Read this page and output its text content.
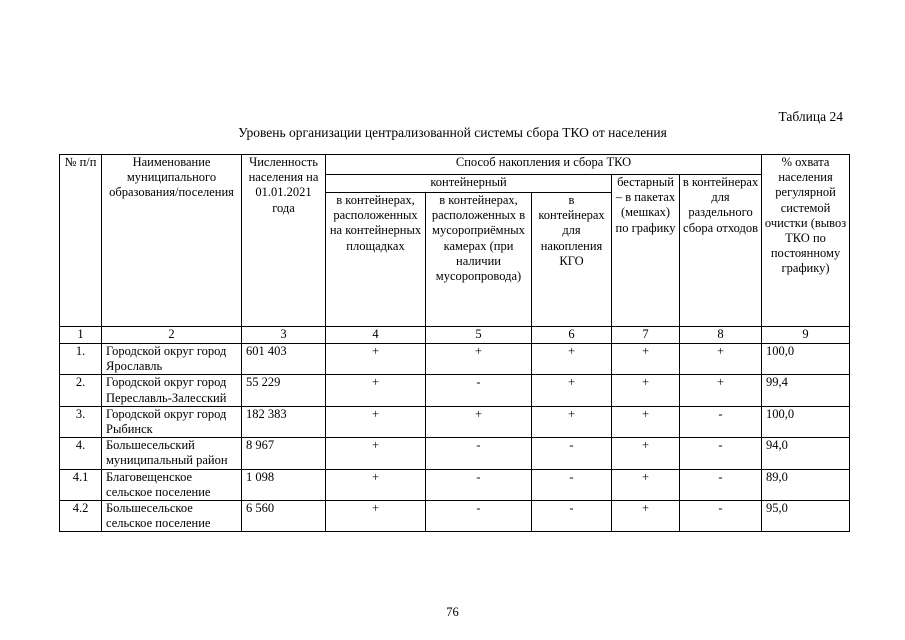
Таблица 24
Уровень организации централизованной системы сбора ТКО от населения
№ п/п	Наименование муниципального образования/поселения	Численность населения на 01.01.2021 года	Способ накопления и сбора ТКО					% охвата населения регулярной системой очистки (вывоз ТКО по постоянному графику)
			контейнерный			бестарный – в пакетах (мешках) по графику	в контейнерах для раздельного сбора отходов	
			в контейнерах, расположенных на контейнерных площадках	в контейнерах, расположенных в мусороприёмных камерах (при наличии мусоропровода)	в контейнерах для накопления КГО			
1	2	3	4	5	6	7	8	9
1.	Городской округ город Ярославль	601 403	+	+	+	+	+	100,0
2.	Городской округ город Переславль-Залесский	55 229	+	-	+	+	+	99,4
3.	Городской округ город Рыбинск	182 383	+	+	+	+	-	100,0
4.	Большесельский муниципальный район	8 967	+	-	-	+	-	94,0
4.1	Благовещенское сельское поселение	1 098	+	-	-	+	-	89,0
4.2	Большесельское сельское поселение	6 560	+	-	-	+	-	95,0
76
